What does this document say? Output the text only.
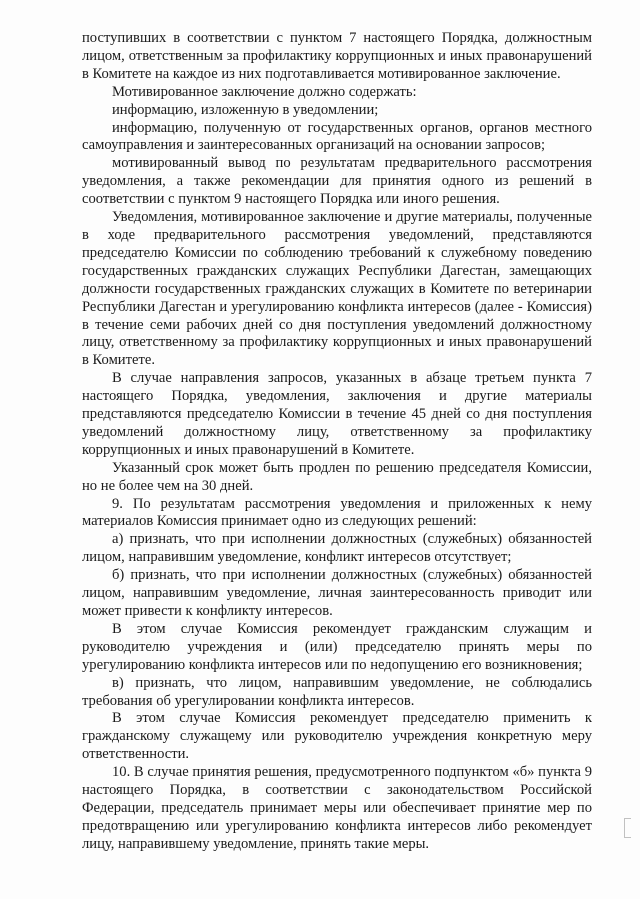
поступивших в соответствии с пунктом 7 настоящего Порядка, должностным лицом, ответственным за профилактику коррупционных и иных правонарушений в Комитете на каждое из них подготавливается мотивированное заключение.

Мотивированное заключение должно содержать:

информацию, изложенную в уведомлении;

информацию, полученную от государственных органов, органов местного самоуправления и заинтересованных организаций на основании запросов;

мотивированный вывод по результатам предварительного рассмотрения уведомления, а также рекомендации для принятия одного из решений в соответствии с пунктом 9 настоящего Порядка или иного решения.

Уведомления, мотивированное заключение и другие материалы, полученные в ходе предварительного рассмотрения уведомлений, представляются председателю Комиссии по соблюдению требований к служебному поведению государственных гражданских служащих Республики Дагестан, замещающих должности государственных гражданских служащих в Комитете по ветеринарии Республики Дагестан и урегулированию конфликта интересов (далее - Комиссия) в течение семи рабочих дней со дня поступления уведомлений должностному лицу, ответственному за профилактику коррупционных и иных правонарушений в Комитете.

В случае направления запросов, указанных в абзаце третьем пункта 7 настоящего Порядка, уведомления, заключения и другие материалы представляются председателю Комиссии в течение 45 дней со дня поступления уведомлений должностному лицу, ответственному за профилактику коррупционных и иных правонарушений в Комитете.

Указанный срок может быть продлен по решению председателя Комиссии, но не более чем на 30 дней.

9. По результатам рассмотрения уведомления и приложенных к нему материалов Комиссия принимает одно из следующих решений:

а) признать, что при исполнении должностных (служебных) обязанностей лицом, направившим уведомление, конфликт интересов отсутствует;

б) признать, что при исполнении должностных (служебных) обязанностей лицом, направившим уведомление, личная заинтересованность приводит или может привести к конфликту интересов.

В этом случае Комиссия рекомендует гражданским служащим и руководителю учреждения и (или) председателю принять меры по урегулированию конфликта интересов или по недопущению его возникновения;

в) признать, что лицом, направившим уведомление, не соблюдались требования об урегулировании конфликта интересов.

В этом случае Комиссия рекомендует председателю применить к гражданскому служащему или руководителю учреждения конкретную меру ответственности.

10. В случае принятия решения, предусмотренного подпунктом «б» пункта 9 настоящего Порядка, в соответствии с законодательством Российской Федерации, председатель принимает меры или обеспечивает принятие мер по предотвращению или урегулированию конфликта интересов либо рекомендует лицу, направившему уведомление, принять такие меры.
